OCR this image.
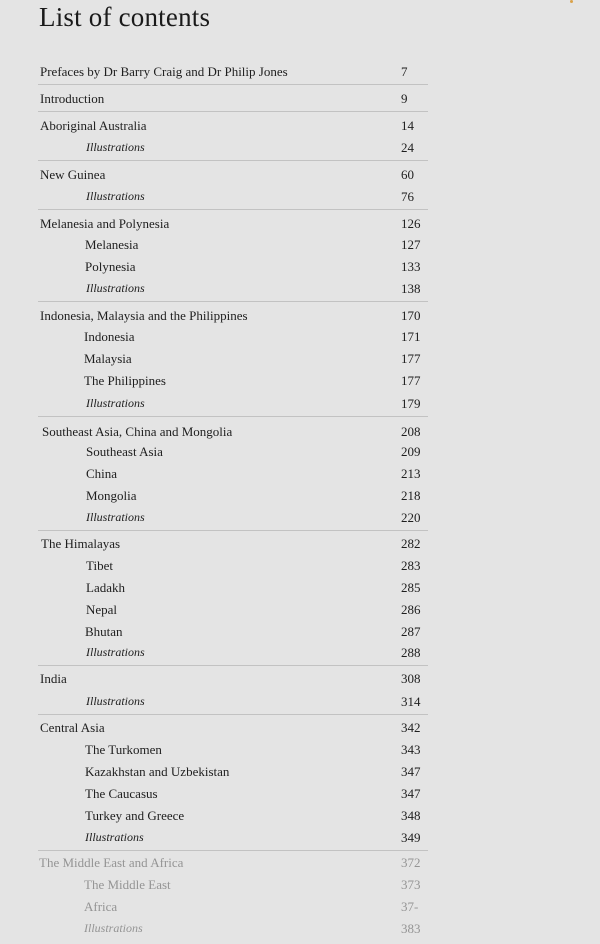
List of contents
Prefaces by Dr Barry Craig and Dr Philip Jones	7
Introduction	9
Aboriginal Australia	14
Illustrations	24
New Guinea	60
Illustrations	76
Melanesia and Polynesia	126
Melanesia	127
Polynesia	133
Illustrations	138
Indonesia, Malaysia and the Philippines	170
Indonesia	171
Malaysia	177
The Philippines	177
Illustrations	179
Southeast Asia, China and Mongolia	208
Southeast Asia	209
China	213
Mongolia	218
Illustrations	220
The Himalayas	282
Tibet	283
Ladakh	285
Nepal	286
Bhutan	287
Illustrations	288
India	308
Illustrations	314
Central Asia	342
The Turkomen	343
Kazakhstan and Uzbekistan	347
The Caucasus	347
Turkey and Greece	348
Illustrations	349
The Middle East and Africa	372
The Middle East	373
Africa	37-
Illustrations	383
